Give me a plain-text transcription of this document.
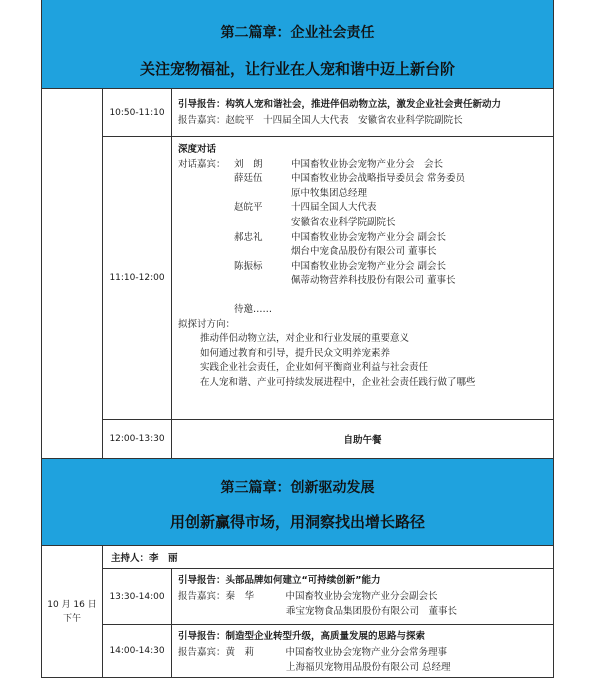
第二篇章：企业社会责任
关注宠物福祉，让行业在人宠和谐中迈上新台阶
10:50-11:10
引导报告：构筑人宠和谐社会，推进伴侣动物立法，激发企业社会责任新动力
报告嘉宾：赵皖平 十四届全国人大代表　安徽省农业科学院副院长
11:10-12:00
深度对话
对话嘉宾： 刘　朗	中国畜牧业协会宠物产业分会　会长
薛廷伍	中国畜牧业协会战略指导委员会 常务委员
原中牧集团总经理
赵皖平	十四届全国人大代表
安徽省农业科学院副院长
郝忠礼	中国畜牧业协会宠物产业分会 副会长
烟台中宠食品股份有限公司 董事长
陈振标	中国畜牧业协会宠物产业分会 副会长
佩蒂动物营养科技股份有限公司 董事长
待邀……
拟探讨方向：
推动伴侣动物立法，对企业和行业发展的重要意义
如何通过教育和引导，提升民众文明养宠素养
实践企业社会责任，企业如何平衡商业利益与社会责任
在人宠和谐、产业可持续发展进程中，企业社会责任践行做了哪些
12:00-13:30	自助午餐
第三篇章：创新驱动发展
用创新赢得市场，用洞察找出增长路径
10 月 16 日
下午
主持人：李　丽
13:30-14:00
引导报告：头部品牌如何建立“可持续创新”能力
报告嘉宾：秦　华	中国畜牧业协会宠物产业分会副会长
乖宝宠物食品集团股份有限公司　董事长
14:00-14:30
引导报告：制造型企业转型升级，高质量发展的思路与探索
报告嘉宾：黄　莉	中国畜牧业协会宠物产业分会常务理事
上海福贝宠物用品股份有限公司 总经理
